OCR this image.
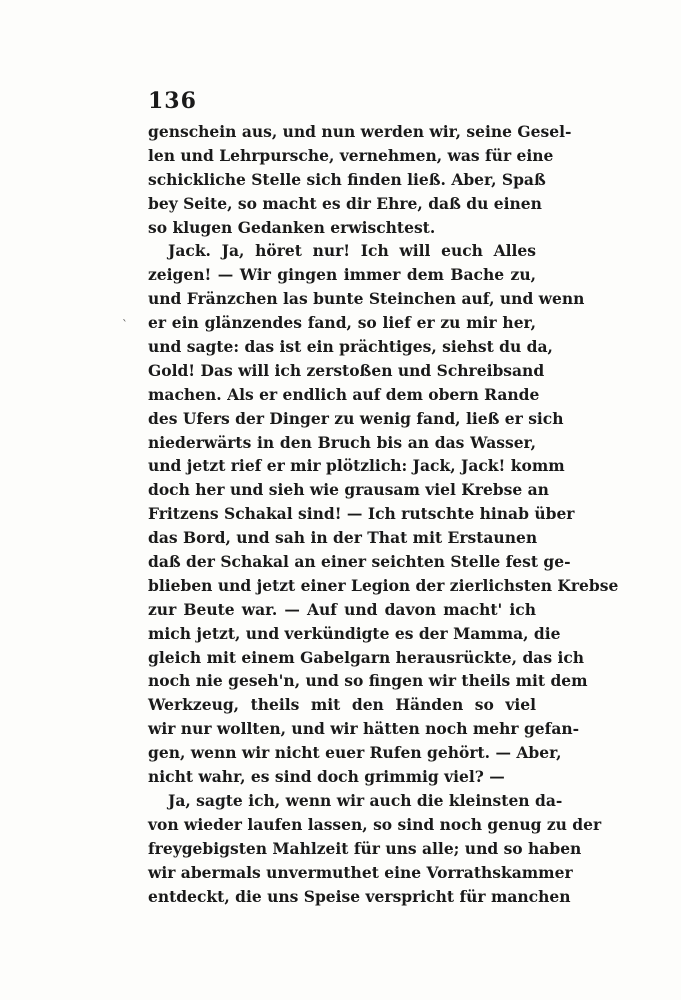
136
ˋ
genschein aus, und nun werden wir, seine Gesel-
len und Lehrpursche, vernehmen, was für eine
schickliche Stelle sich finden ließ. Aber, Spaß
bey Seite, so macht es dir Ehre, daß du einen
so klugen Gedanken erwischtest.
Jack. Ja, höret nur! Ich will euch Alles
zeigen! — Wir gingen immer dem Bache zu,
und Fränzchen las bunte Steinchen auf, und wenn
er ein glänzendes fand, so lief er zu mir her,
und sagte: das ist ein prächtiges, siehst du da,
Gold! Das will ich zerstoßen und Schreibsand
machen. Als er endlich auf dem obern Rande
des Ufers der Dinger zu wenig fand, ließ er sich
niederwärts in den Bruch bis an das Wasser,
und jetzt rief er mir plötzlich: Jack, Jack! komm
doch her und sieh wie grausam viel Krebse an
Fritzens Schakal sind! — Ich rutschte hinab über
das Bord, und sah in der That mit Erstaunen
daß der Schakal an einer seichten Stelle fest ge-
blieben und jetzt einer Legion der zierlichsten Krebse
zur Beute war. — Auf und davon macht' ich
mich jetzt, und verkündigte es der Mamma, die
gleich mit einem Gabelgarn herausrückte, das ich
noch nie geseh'n, und so fingen wir theils mit dem
Werkzeug, theils mit den Händen so viel
wir nur wollten, und wir hätten noch mehr gefan-
gen, wenn wir nicht euer Rufen gehört. — Aber,
nicht wahr, es sind doch grimmig viel? —
Ja, sagte ich, wenn wir auch die kleinsten da-
von wieder laufen lassen, so sind noch genug zu der
freygebigsten Mahlzeit für uns alle; und so haben
wir abermals unvermuthet eine Vorrathskammer
entdeckt, die uns Speise verspricht für manchen
